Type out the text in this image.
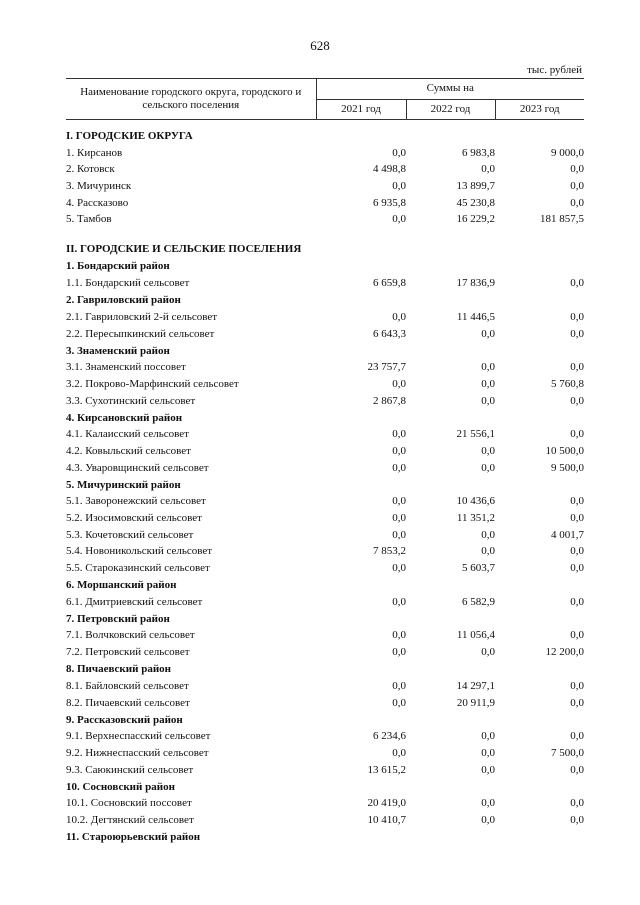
628
тыс. рублей
Наименование городского округа, городского и сельского поселения	Суммы на		
	2021 год	2022 год	2023 год
I. ГОРОДСКИЕ ОКРУГА			
1. Кирсанов	0,0	6 983,8	9 000,0
2. Котовск	4 498,8	0,0	0,0
3. Мичуринск	0,0	13 899,7	0,0
4. Рассказово	6 935,8	45 230,8	0,0
5. Тамбов	0,0	16 229,2	181 857,5
II. ГОРОДСКИЕ И СЕЛЬСКИЕ ПОСЕЛЕНИЯ			
1. Бондарский район			
1.1. Бондарский сельсовет	6 659,8	17 836,9	0,0
2. Гавриловский район			
2.1. Гавриловский 2-й сельсовет	0,0	11 446,5	0,0
2.2. Пересыпкинский сельсовет	6 643,3	0,0	0,0
3. Знаменский район			
3.1. Знаменский поссовет	23 757,7	0,0	0,0
3.2. Покрово-Марфинский сельсовет	0,0	0,0	5 760,8
3.3. Сухотинский сельсовет	2 867,8	0,0	0,0
4. Кирсановский район			
4.1. Калаисский сельсовет	0,0	21 556,1	0,0
4.2. Ковыльский сельсовет	0,0	0,0	10 500,0
4.3. Уваровщинский сельсовет	0,0	0,0	9 500,0
5. Мичуринский район			
5.1. Заворонежский сельсовет	0,0	10 436,6	0,0
5.2. Изосимовский сельсовет	0,0	11 351,2	0,0
5.3. Кочетовский сельсовет	0,0	0,0	4 001,7
5.4. Новоникольский сельсовет	7 853,2	0,0	0,0
5.5. Староказинский сельсовет	0,0	5 603,7	0,0
6. Моршанский район			
6.1. Дмитриевский сельсовет	0,0	6 582,9	0,0
7. Петровский район			
7.1. Волчковский сельсовет	0,0	11 056,4	0,0
7.2. Петровский сельсовет	0,0	0,0	12 200,0
8. Пичаевский район			
8.1. Байловский сельсовет	0,0	14 297,1	0,0
8.2. Пичаевский сельсовет	0,0	20 911,9	0,0
9. Рассказовский район			
9.1. Верхнеспасский сельсовет	6 234,6	0,0	0,0
9.2. Нижнеспасский сельсовет	0,0	0,0	7 500,0
9.3. Саюкинский сельсовет	13 615,2	0,0	0,0
10. Сосновский район			
10.1. Сосновский поссовет	20 419,0	0,0	0,0
10.2. Дегтянский сельсовет	10 410,7	0,0	0,0
11. Староюрьевский район			
